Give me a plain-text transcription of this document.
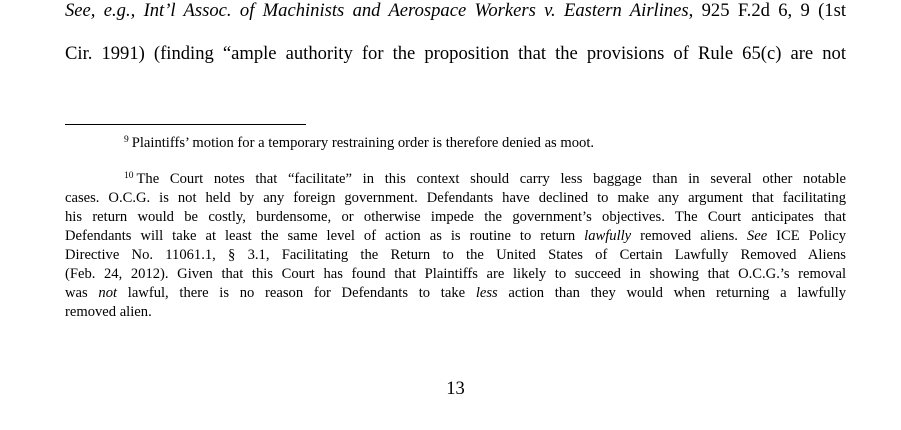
See, e.g., Int’l Assoc. of Machinists and Aerospace Workers v. Eastern Airlines, 925 F.2d 6, 9 (1st
Cir. 1991) (finding “ample authority for the proposition that the provisions of Rule 65(c) are not
$^9$ Plaintiffs’ motion for a temporary restraining order is therefore denied as moot.
$^{10}$ The Court notes that “facilitate” in this context should carry less baggage than in several other notable
cases. O.C.G. is not held by any foreign government. Defendants have declined to make any argument that facilitating
his return would be costly, burdensome, or otherwise impede the government’s objectives. The Court anticipates that
Defendants will take at least the same level of action as is routine to return lawfully removed aliens. See ICE Policy
Directive No. 11061.1, § 3.1, Facilitating the Return to the United States of Certain Lawfully Removed Aliens
(Feb. 24, 2012). Given that this Court has found that Plaintiffs are likely to succeed in showing that O.C.G.’s removal
was not lawful, there is no reason for Defendants to take less action than they would when returning a lawfully
removed alien.
13
